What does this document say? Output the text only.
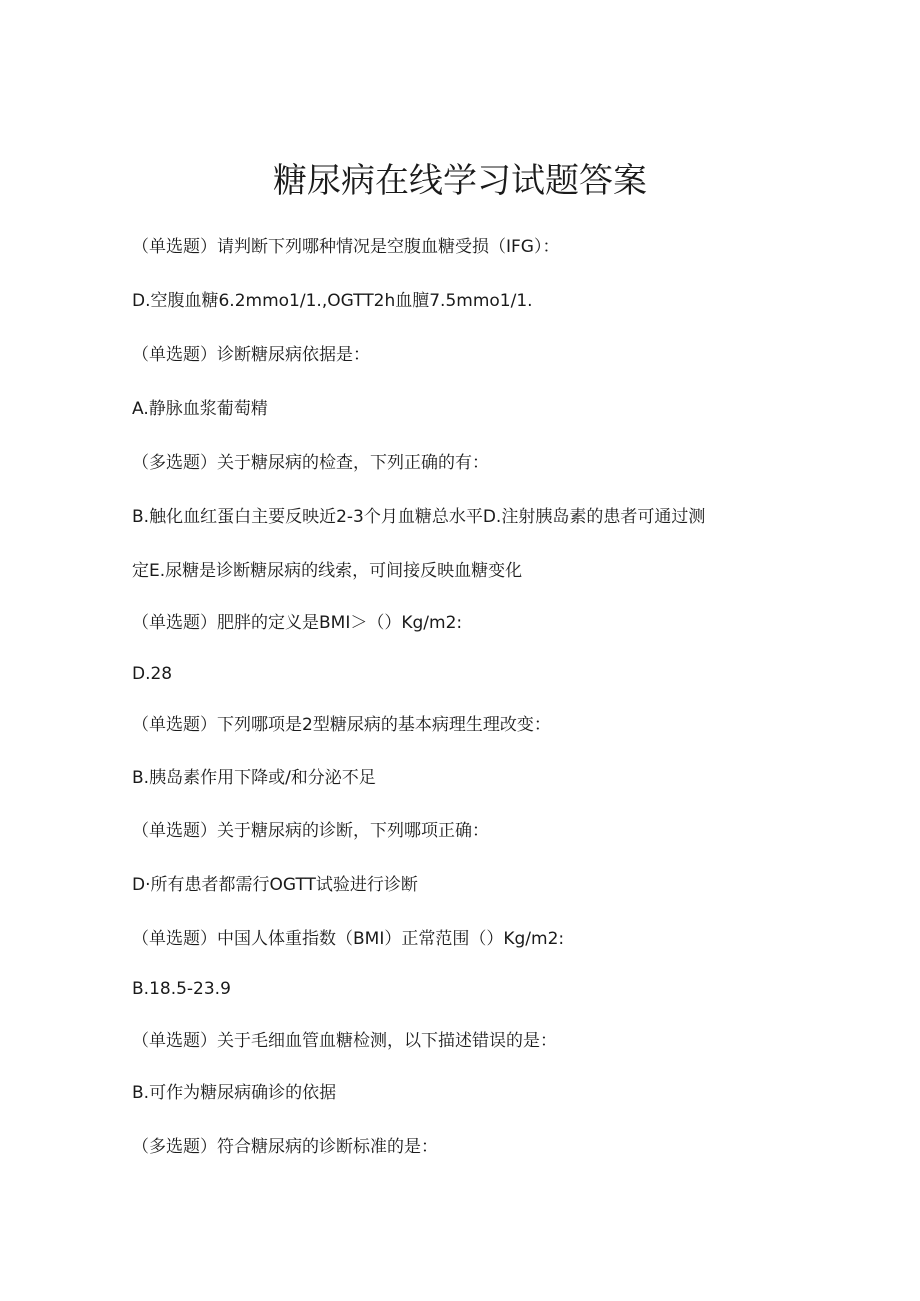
糖尿病在线学习试题答案

（单选题）请判断下列哪种情况是空腹血糖受损（IFG）：

D.空腹血糖6.2mmo1∕1.,OGTT2h血膻7.5mmo1∕1.

（单选题）诊断糖尿病依据是：

A.静脉血浆葡萄精

（多选题）关于糖尿病的检查，下列正确的有：

B.触化血红蛋白主要反映近2-3个月血糖总水平D.注射胰岛素的患者可通过测

定E.尿糖是诊断糖尿病的线索，可间接反映血糖变化

（单选题）肥胖的定义是BMI＞（）Kg∕m2:

D.28

（单选题）下列哪项是2型糖尿病的基本病理生理改变：

B.胰岛素作用下降或/和分泌不足

（单选题）关于糖尿病的诊断，下列哪项正确：

D·所有患者都需行OGTT试验进行诊断

（单选题）中国人体重指数（BMI）正常范围（）Kg∕m2:

B.18.5-23.9

（单选题）关于毛细血管血糖检测，以下描述错误的是：

B.可作为糖尿病确诊的依据

（多选题）符合糖尿病的诊断标准的是：
